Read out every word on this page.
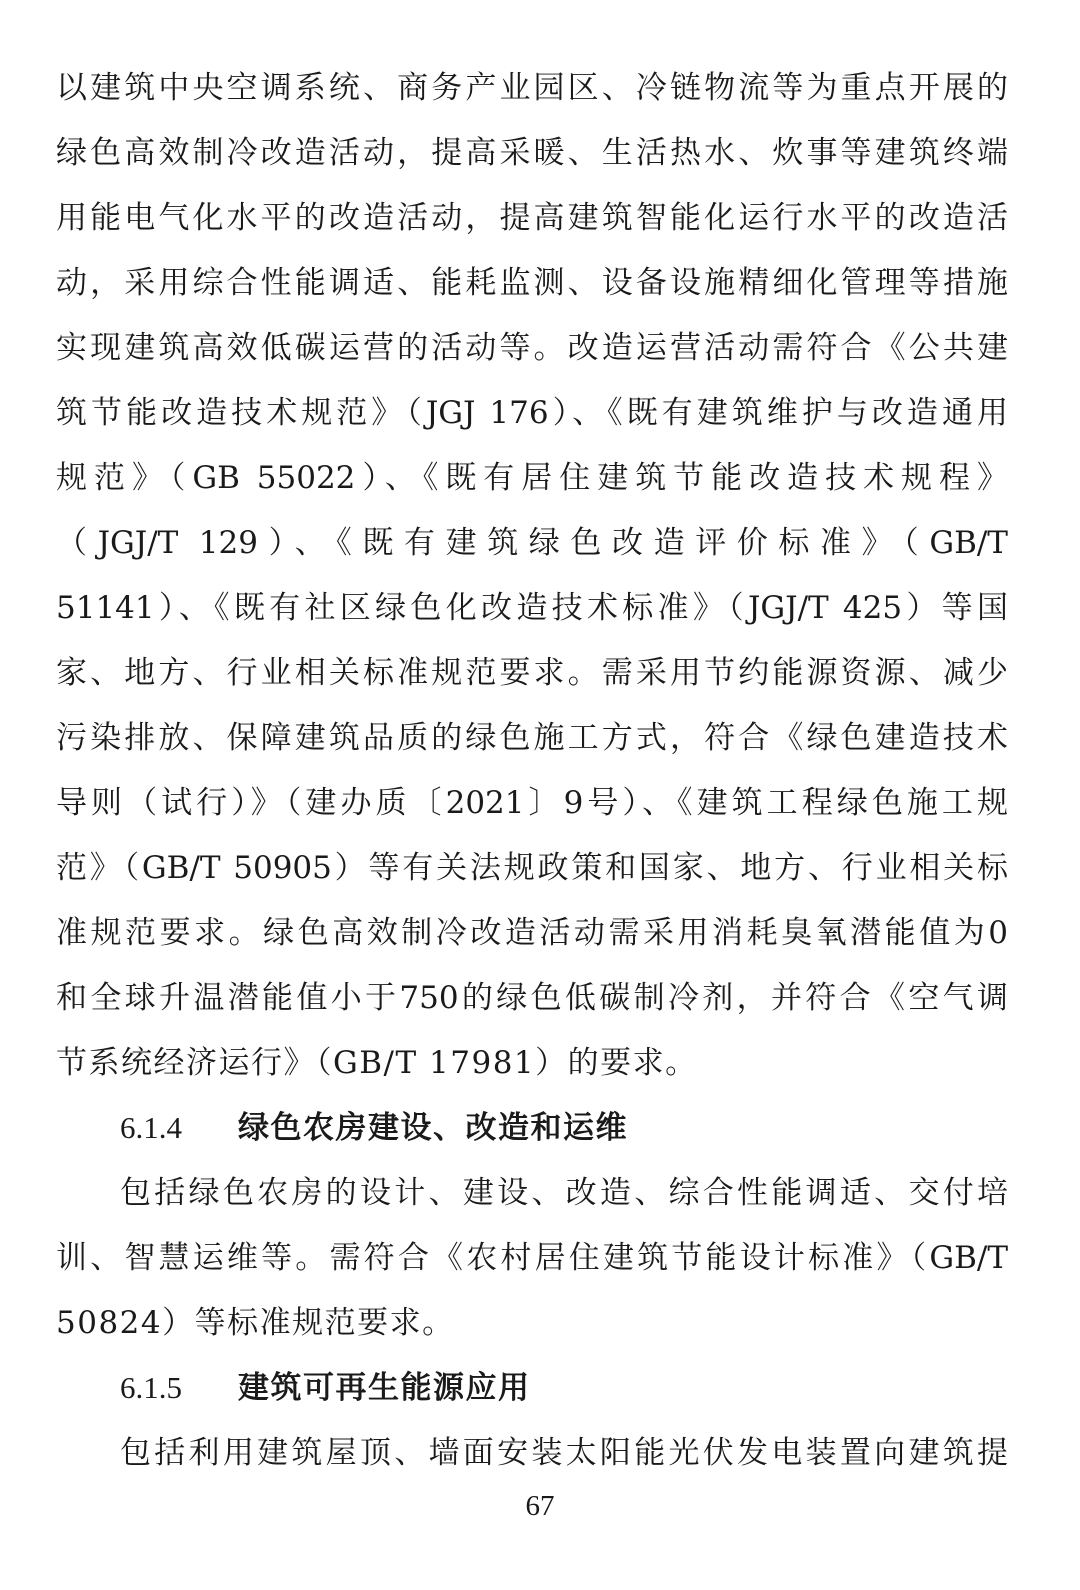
以建筑中央空调系统、商务产业园区、冷链物流等为重点开展的
绿色高效制冷改造活动，提高采暖、生活热水、炊事等建筑终端
用能电气化水平的改造活动，提高建筑智能化运行水平的改造活
动，采用综合性能调适、能耗监测、设备设施精细化管理等措施
实现建筑高效低碳运营的活动等。改造运营活动需符合《公共建
筑节能改造技术规范》（JGJ 176）、《既有建筑维护与改造通用
规范》（GB 55022）、《既有居住建筑节能改造技术规程》
（JGJ/T 129）、《既有建筑绿色改造评价标准》（GB/T
51141）、《既有社区绿色化改造技术标准》（JGJ/T 425）等国
家、地方、行业相关标准规范要求。需采用节约能源资源、减少
污染排放、保障建筑品质的绿色施工方式，符合《绿色建造技术
导则（试行）》（建办质〔2021〕9号）、《建筑工程绿色施工规
范》（GB/T 50905）等有关法规政策和国家、地方、行业相关标
准规范要求。绿色高效制冷改造活动需采用消耗臭氧潜能值为0
和全球升温潜能值小于750的绿色低碳制冷剂，并符合《空气调
节系统经济运行》（GB/T 17981）的要求。
6.1.4 绿色农房建设、改造和运维
包括绿色农房的设计、建设、改造、综合性能调适、交付培
训、智慧运维等。需符合《农村居住建筑节能设计标准》（GB/T
50824）等标准规范要求。
6.1.5 建筑可再生能源应用
包括利用建筑屋顶、墙面安装太阳能光伏发电装置向建筑提
67
